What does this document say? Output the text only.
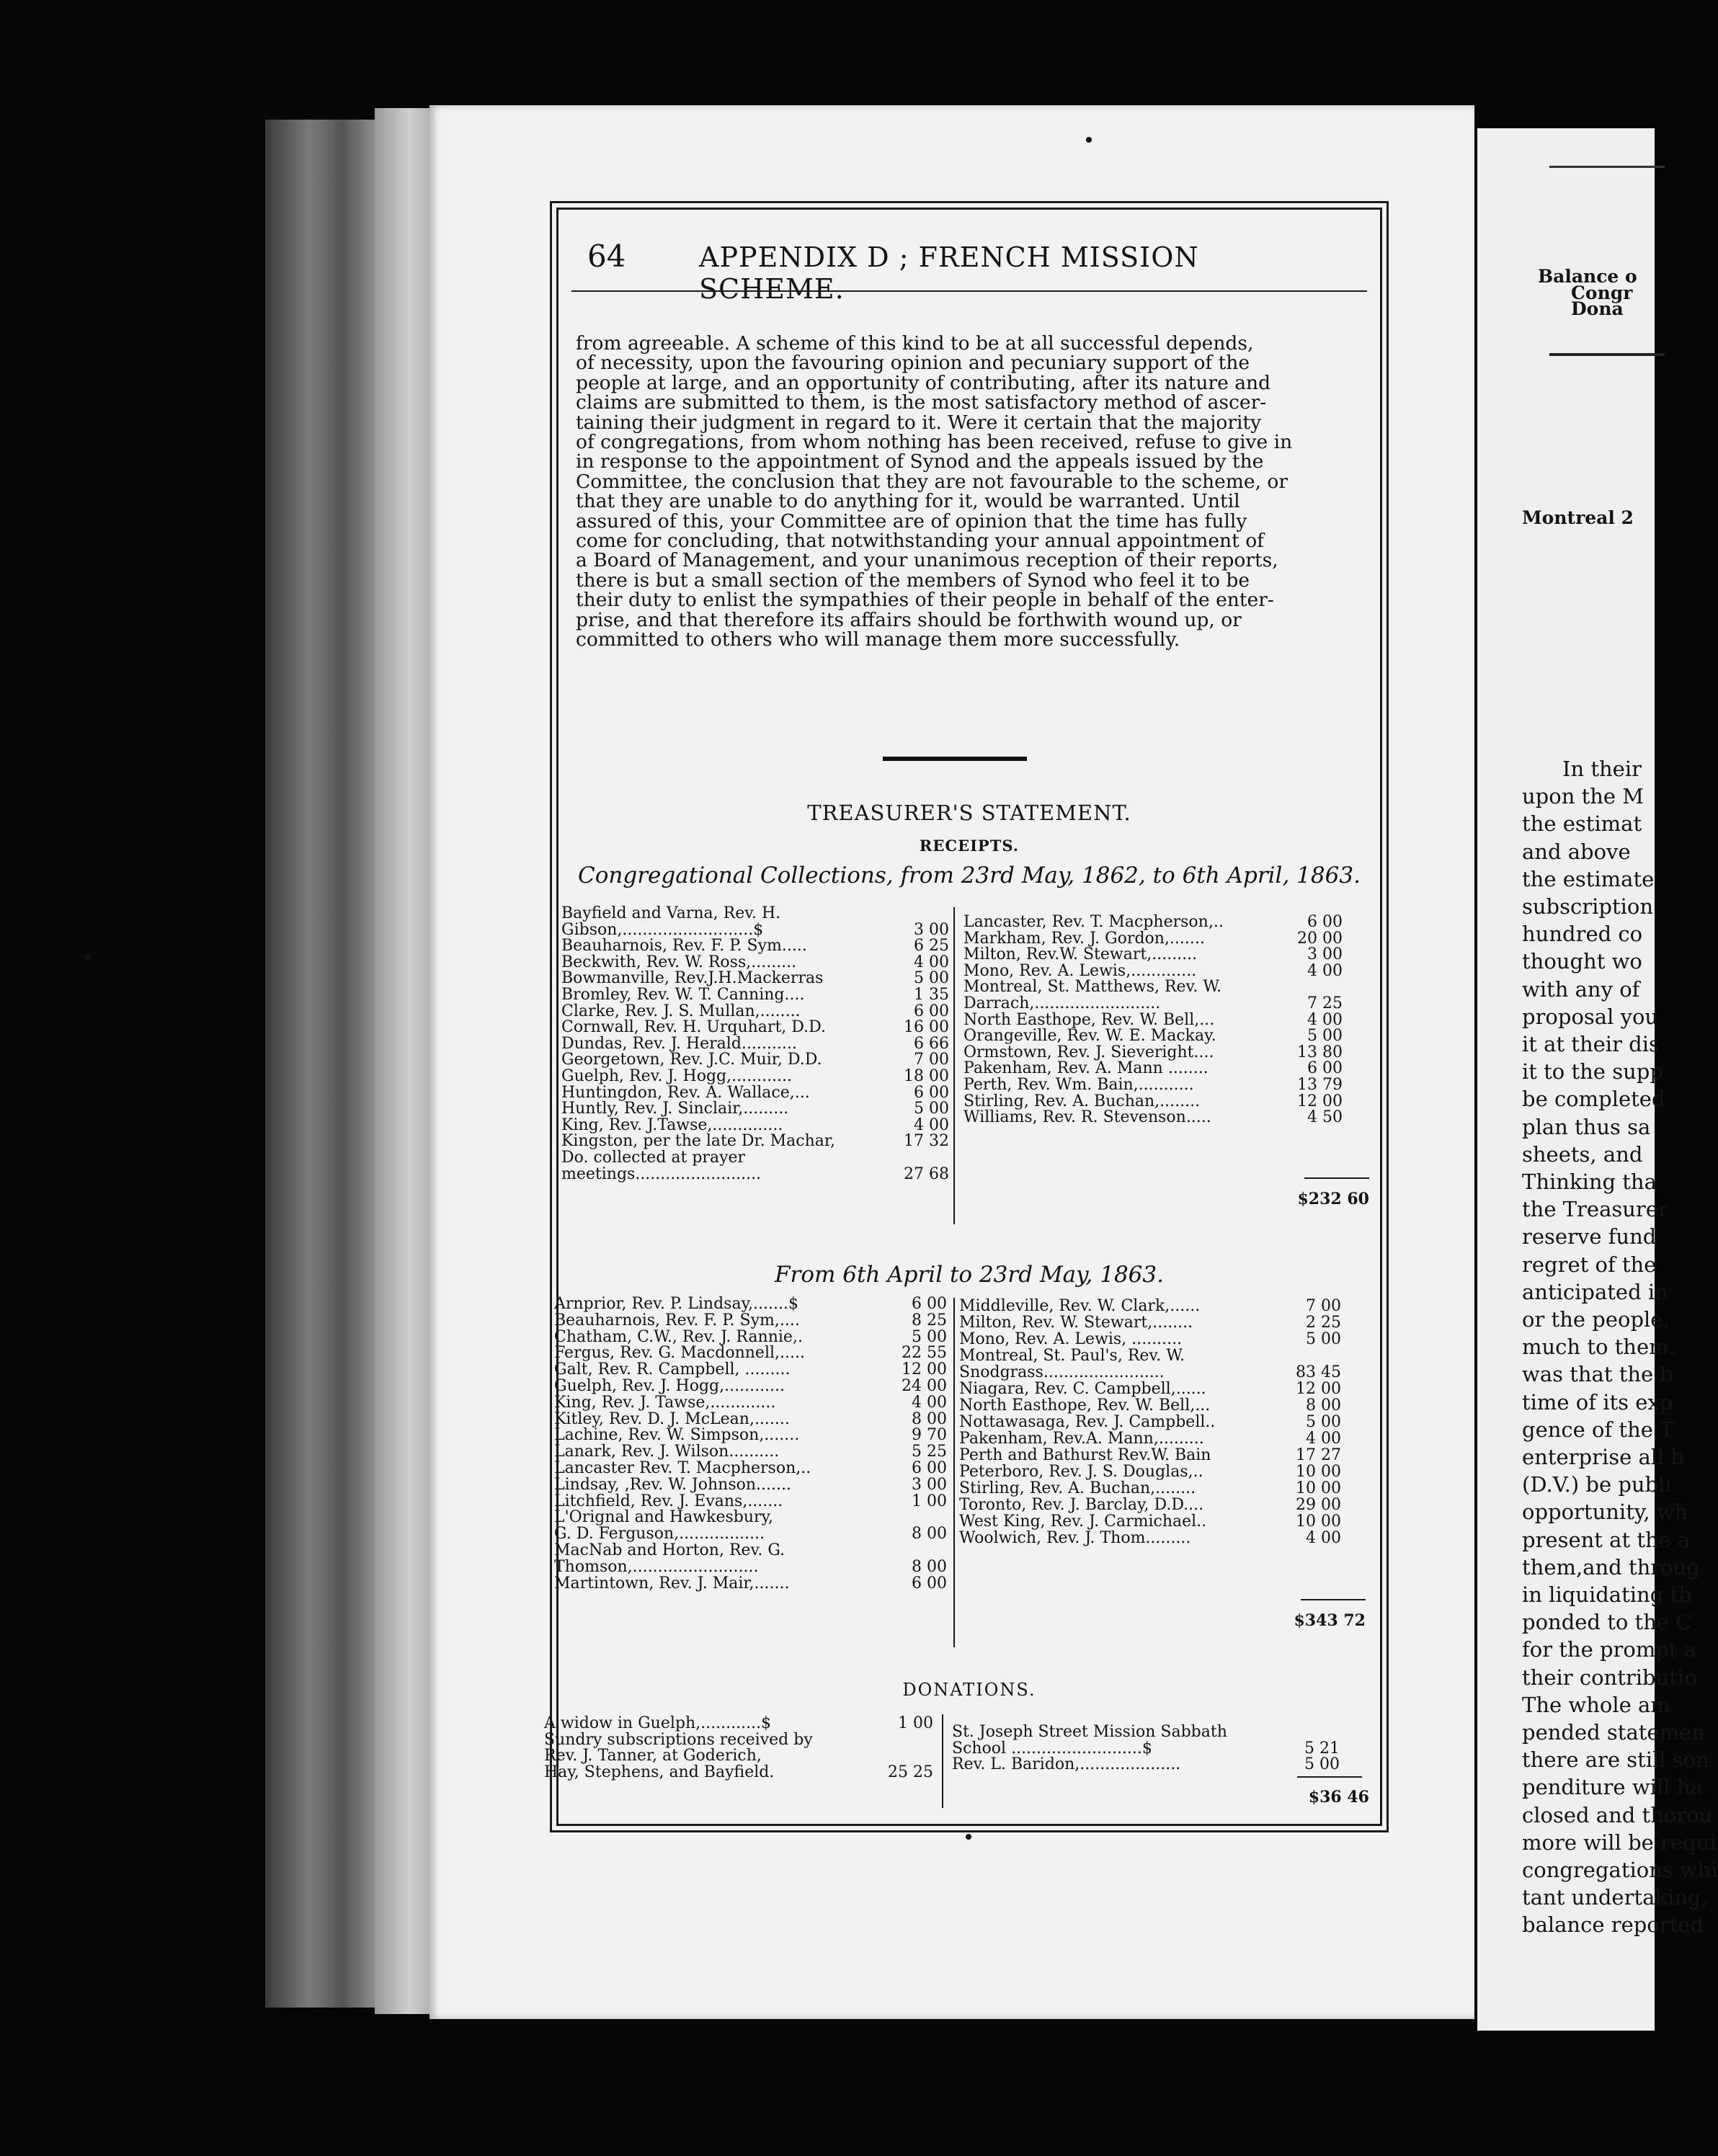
Balance o
Congr
Dona
Montreal 2
In their
upon the M
the estimat
and above
the estimate
subscription
hundred co
thought wo
with any of
proposal you
it at their dis
it to the supp
be completed
plan thus sa
sheets, and
Thinking tha
the Treasurer
reserve fund
regret of the
anticipated in
or the people,
much to them.
was that the b
time of its exp
gence of the T
enterprise all b
(D.V.) be publi
opportunity, wh
present at the a
them,and throug
in liquidating th
ponded to the C
for the prompt a
their contributio
The whole am
pended statemen
there are still son
penditure will ha
closed and thorou
more will be requi
congregations whi
tant undertaking,
balance reported
64	APPENDIX D ; FRENCH MISSION SCHEME.
from agreeable. A scheme of this kind to be at all successful depends,
of necessity, upon the favouring opinion and pecuniary support of the
people at large, and an opportunity of contributing, after its nature and
claims are submitted to them, is the most satisfactory method of ascer-
taining their judgment in regard to it. Were it certain that the majority
of congregations, from whom nothing has been received, refuse to give in
in response to the appointment of Synod and the appeals issued by the
Committee, the conclusion that they are not favourable to the scheme, or
that they are unable to do anything for it, would be warranted. Until
assured of this, your Committee are of opinion that the time has fully
come for concluding, that notwithstanding your annual appointment of
a Board of Management, and your unanimous reception of their reports,
there is but a small section of the members of Synod who feel it to be
their duty to enlist the sympathies of their people in behalf of the enter-
prise, and that therefore its affairs should be forthwith wound up, or
committed to others who will manage them more successfully.
TREASURER'S STATEMENT.
RECEIPTS.
Congregational Collections, from 23rd May, 1862, to 6th April, 1863.
Bayfield and Varna, Rev. H.
Gibson,..........................$	3 00
Beauharnois, Rev. F. P. Sym.....	6 25
Beckwith, Rev. W. Ross,.........	4 00
Bowmanville, Rev.J.H.Mackerras	5 00
Bromley, Rev. W. T. Canning....	1 35
Clarke, Rev. J. S. Mullan,........	6 00
Cornwall, Rev. H. Urquhart, D.D.	16 00
Dundas, Rev. J. Herald...........	6 66
Georgetown, Rev. J.C. Muir, D.D.	7 00
Guelph, Rev. J. Hogg,............	18 00
Huntingdon, Rev. A. Wallace,...	6 00
Huntly, Rev. J. Sinclair,.........	5 00
King, Rev. J.Tawse,..............	4 00
Kingston, per the late Dr. Machar,	17 32
Do. collected at prayer
meetings.........................	27 68
Lancaster, Rev. T. Macpherson,..	6 00
Markham, Rev. J. Gordon,.......	20 00
Milton, Rev.W. Stewart,.........	3 00
Mono, Rev. A. Lewis,.............	4 00
Montreal, St. Matthews, Rev. W.
Darrach,.........................	7 25
North Easthope, Rev. W. Bell,...	4 00
Orangeville, Rev. W. E. Mackay.	5 00
Ormstown, Rev. J. Sieveright....	13 80
Pakenham, Rev. A. Mann ........	6 00
Perth, Rev. Wm. Bain,...........	13 79
Stirling, Rev. A. Buchan,........	12 00
Williams, Rev. R. Stevenson.....	4 50
$232 60
From 6th April to 23rd May, 1863.
Arnprior, Rev. P. Lindsay,.......$	6 00
Beauharnois, Rev. F. P. Sym,....	8 25
Chatham, C.W., Rev. J. Rannie,.	5 00
Fergus, Rev. G. Macdonnell,.....	22 55
Galt, Rev. R. Campbell, .........	12 00
Guelph, Rev. J. Hogg,............	24 00
King, Rev. J. Tawse,.............	4 00
Kitley, Rev. D. J. McLean,.......	8 00
Lachine, Rev. W. Simpson,.......	9 70
Lanark, Rev. J. Wilson..........	5 25
Lancaster Rev. T. Macpherson,..	6 00
Lindsay, ,Rev. W. Johnson.......	3 00
Litchfield, Rev. J. Evans,.......	1 00
L'Orignal and Hawkesbury,
G. D. Ferguson,.................	8 00
MacNab and Horton, Rev. G.
Thomson,.........................	8 00
Martintown, Rev. J. Mair,.......	6 00
Middleville, Rev. W. Clark,......	7 00
Milton, Rev. W. Stewart,........	2 25
Mono, Rev. A. Lewis, ..........	5 00
Montreal, St. Paul's, Rev. W.
Snodgrass........................	83 45
Niagara, Rev. C. Campbell,......	12 00
North Easthope, Rev. W. Bell,...	8 00
Nottawasaga, Rev. J. Campbell..	5 00
Pakenham, Rev.A. Mann,.........	4 00
Perth and Bathurst Rev.W. Bain	17 27
Peterboro, Rev. J. S. Douglas,..	10 00
Stirling, Rev. A. Buchan,........	10 00
Toronto, Rev. J. Barclay, D.D....	29 00
West King, Rev. J. Carmichael..	10 00
Woolwich, Rev. J. Thom.........	4 00
$343 72
DONATIONS.
A widow in Guelph,............$	1 00
Sundry subscriptions received by
Rev. J. Tanner, at Goderich,
Hay, Stephens, and Bayfield.	25 25
St. Joseph Street Mission Sabbath
School ..........................$	5 21
Rev. L. Baridon,....................	5 00
$36 46
